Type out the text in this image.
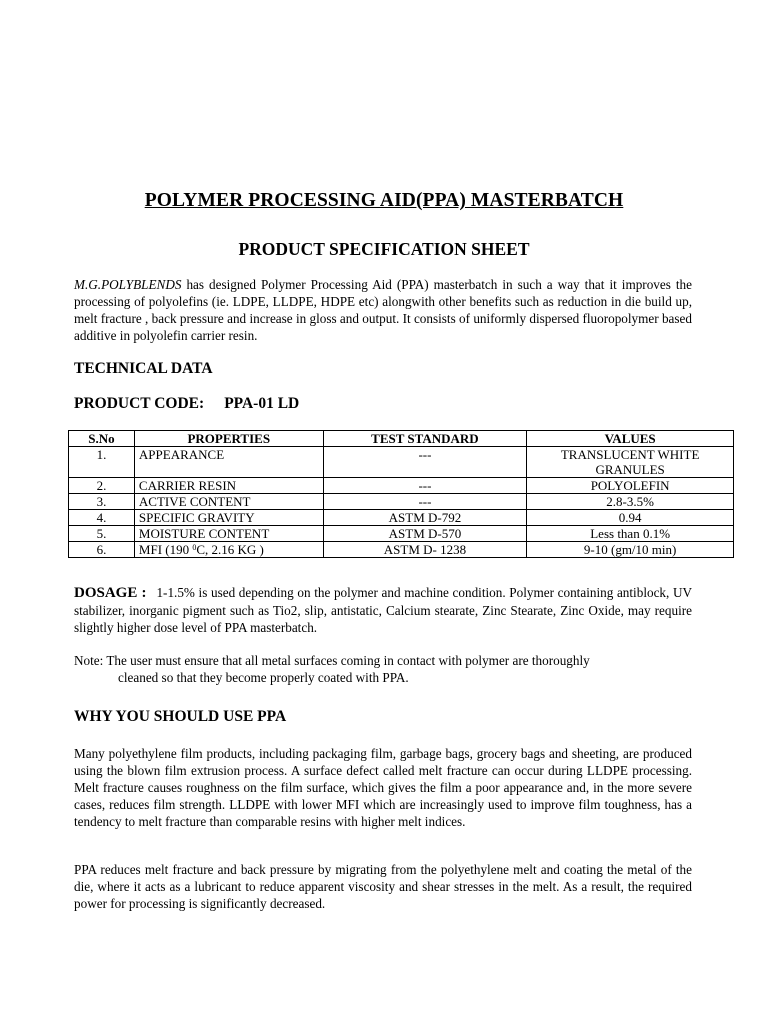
POLYMER PROCESSING AID(PPA) MASTERBATCH
PRODUCT SPECIFICATION SHEET

M.G.POLYBLENDS has designed Polymer Processing Aid (PPA) masterbatch in such a way that it improves the processing of polyolefins (ie. LDPE, LLDPE, HDPE etc) alongwith other benefits such as reduction in die build up, melt fracture , back pressure and increase in gloss and output. It consists of uniformly dispersed fluoropolymer based additive in polyolefin carrier resin.

TECHNICAL DATA
PRODUCT CODE: PPA-01 LD
S.No	PROPERTIES	TEST STANDARD	VALUES
1.	APPEARANCE	---	TRANSLUCENT WHITE GRANULES
2.	CARRIER RESIN	---	POLYOLEFIN
3.	ACTIVE CONTENT	---	2.8-3.5%
4.	SPECIFIC GRAVITY	ASTM D-792	0.94
5.	MOISTURE CONTENT	ASTM D-570	Less than 0.1%
6.	MFI (190 $^0$C, 2.16 KG )	ASTM D- 1238	9-10 (gm/10 min)

DOSAGE : 1-1.5% is used depending on the polymer and machine condition. Polymer containing antiblock, UV stabilizer, inorganic pigment such as Tio2, slip, antistatic, Calcium stearate, Zinc Stearate, Zinc Oxide, may require slightly higher dose level of PPA masterbatch.

Note: The user must ensure that all metal surfaces coming in contact with polymer are thoroughly
cleaned so that they become properly coated with PPA.

WHY YOU SHOULD USE PPA

Many polyethylene film products, including packaging film, garbage bags, grocery bags and sheeting, are produced using the blown film extrusion process. A surface defect called melt fracture can occur during LLDPE processing. Melt fracture causes roughness on the film surface, which gives the film a poor appearance and, in the more severe cases, reduces film strength. LLDPE with lower MFI which are increasingly used to improve film toughness, has a tendency to melt fracture than comparable resins with higher melt indices.

PPA reduces melt fracture and back pressure by migrating from the polyethylene melt and coating the metal of the die, where it acts as a lubricant to reduce apparent viscosity and shear stresses in the melt. As a result, the required power for processing is significantly decreased.
